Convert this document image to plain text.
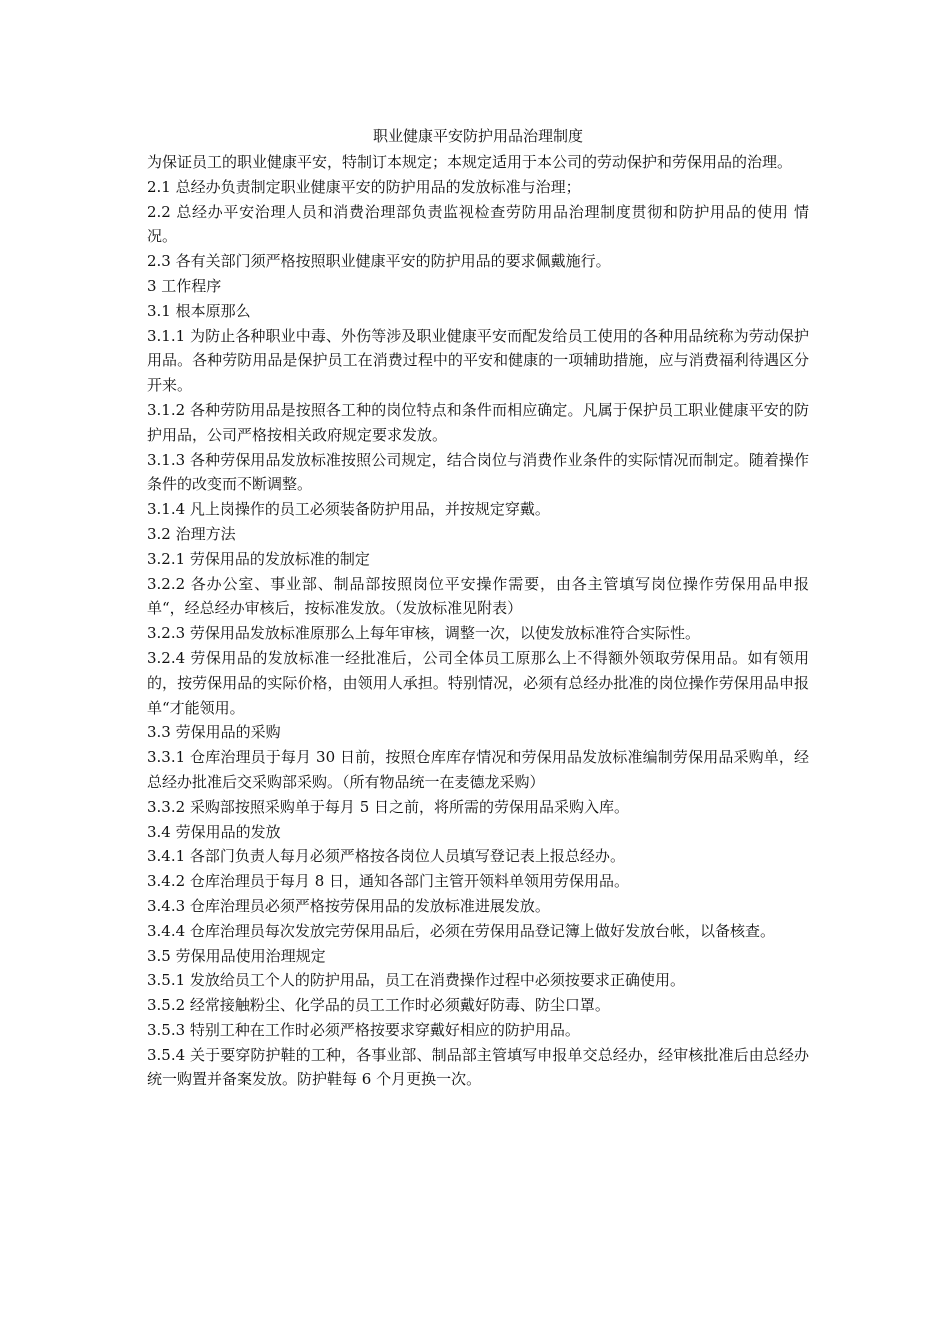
职业健康平安防护用品治理制度

为保证员工的职业健康平安，特制订本规定；本规定适用于本公司的劳动保护和劳保用品的治理。

2.1 总经办负责制定职业健康平安的防护用品的发放标准与治理；

2.2 总经办平安治理人员和消费治理部负责监视检查劳防用品治理制度贯彻和防护用品的使用 情况。

2.3 各有关部门须严格按照职业健康平安的防护用品的要求佩戴施行。

3 工作程序

3.1 根本原那么

3.1.1 为防止各种职业中毒、外伤等涉及职业健康平安而配发给员工使用的各种用品统称为劳动保护用品。各种劳防用品是保护员工在消费过程中的平安和健康的一项辅助措施，应与消费福利待遇区分开来。

3.1.2 各种劳防用品是按照各工种的岗位特点和条件而相应确定。凡属于保护员工职业健康平安的防护用品，公司严格按相关政府规定要求发放。

3.1.3 各种劳保用品发放标准按照公司规定，结合岗位与消费作业条件的实际情况而制定。随着操作条件的改变而不断调整。

3.1.4 凡上岗操作的员工必须装备防护用品，并按规定穿戴。

3.2 治理方法

3.2.1 劳保用品的发放标准的制定

3.2.2 各办公室、事业部、制品部按照岗位平安操作需要，由各主管填写岗位操作劳保用品申报单“，经总经办审核后，按标准发放。（发放标准见附表）

3.2.3 劳保用品发放标准原那么上每年审核，调整一次，以使发放标准符合实际性。

3.2.4 劳保用品的发放标准一经批准后，公司全体员工原那么上不得额外领取劳保用品。如有领用的，按劳保用品的实际价格，由领用人承担。特别情况，必须有总经办批准的岗位操作劳保用品申报单“才能领用。

3.3 劳保用品的采购

3.3.1 仓库治理员于每月 30 日前，按照仓库库存情况和劳保用品发放标准编制劳保用品采购单，经总经办批准后交采购部采购。（所有物品统一在麦德龙采购）

3.3.2 采购部按照采购单于每月 5 日之前，将所需的劳保用品采购入库。

3.4 劳保用品的发放

3.4.1 各部门负责人每月必须严格按各岗位人员填写登记表上报总经办。

3.4.2 仓库治理员于每月 8 日，通知各部门主管开领料单领用劳保用品。

3.4.3 仓库治理员必须严格按劳保用品的发放标准进展发放。

3.4.4 仓库治理员每次发放完劳保用品后，必须在劳保用品登记簿上做好发放台帐，以备核查。

3.5 劳保用品使用治理规定

3.5.1 发放给员工个人的防护用品，员工在消费操作过程中必须按要求正确使用。

3.5.2 经常接触粉尘、化学品的员工工作时必须戴好防毒、防尘口罩。

3.5.3 特别工种在工作时必须严格按要求穿戴好相应的防护用品。

3.5.4 关于要穿防护鞋的工种，各事业部、制品部主管填写申报单交总经办，经审核批准后由总经办统一购置并备案发放。防护鞋每 6 个月更换一次。
